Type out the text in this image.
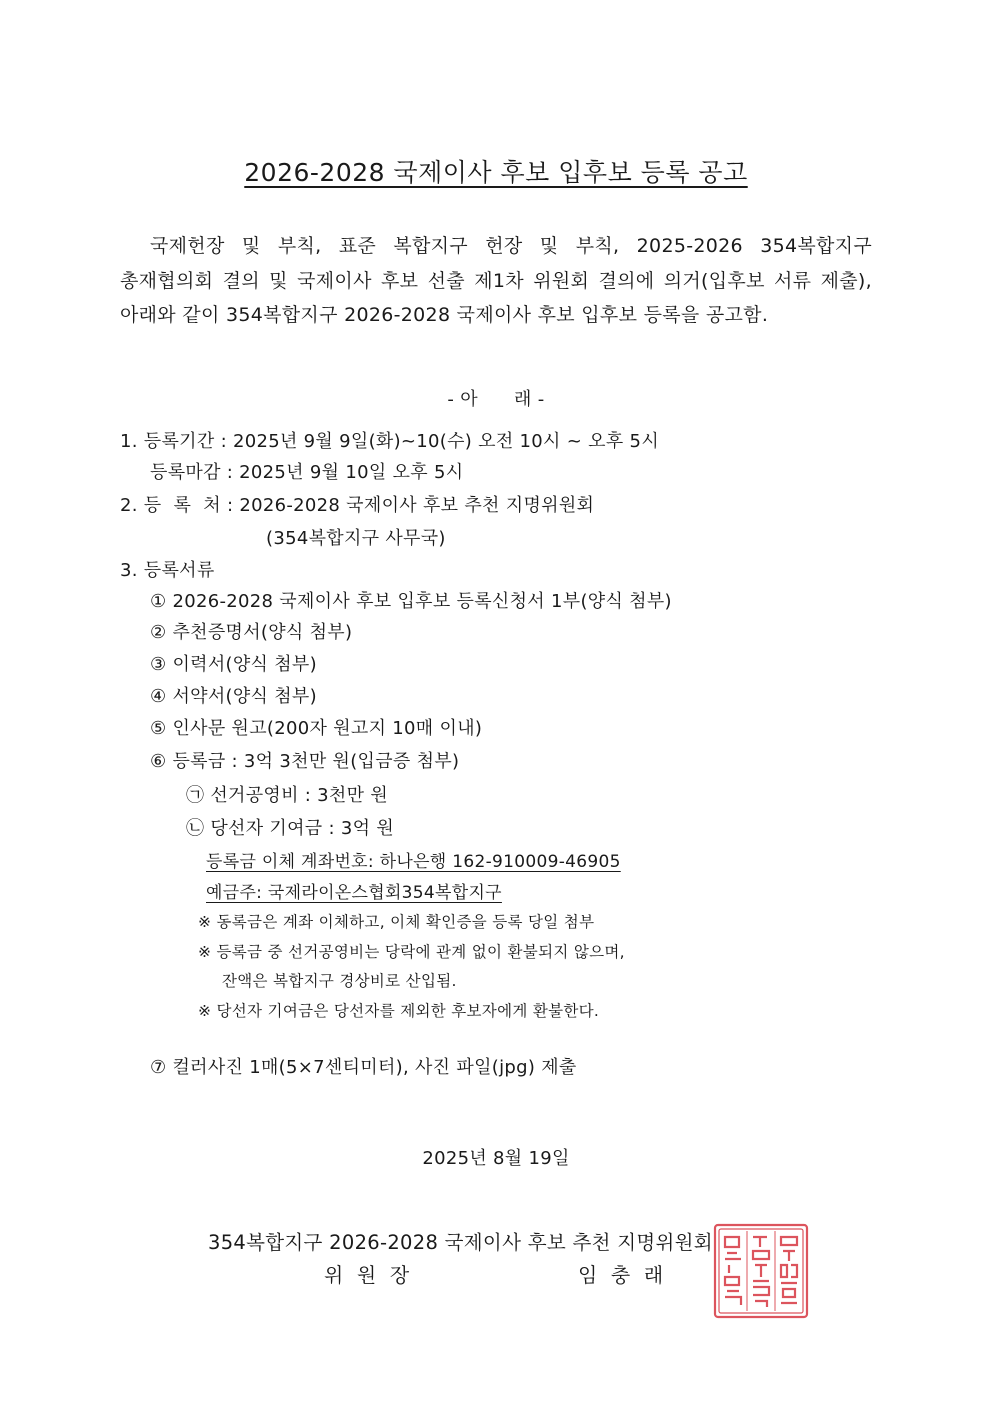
2026-2028 국제이사 후보 입후보 등록 공고
국제헌장 및 부칙, 표준 복합지구 헌장 및 부칙, 2025-2026 354복합지구 총재협의회 결의 및 국제이사 후보 선출 제1차 위원회 결의에 의거(입후보 서류 제출), 아래와 같이 354복합지구 2026-2028 국제이사 후보 입후보 등록을 공고함.
- 아      래 -
1. 등록기간 : 2025년 9월 9일(화)~10(수) 오전 10시 ~ 오후 5시
등록마감 : 2025년 9월 10일 오후 5시
2. 등  록  처 : 2026-2028 국제이사 후보 추천 지명위원회
(354복합지구 사무국)
3. 등록서류
① 2026-2028 국제이사 후보 입후보 등록신청서 1부(양식 첨부)
② 추천증명서(양식 첨부)
③ 이력서(양식 첨부)
④ 서약서(양식 첨부)
⑤ 인사문 원고(200자 원고지 10매 이내)
⑥ 등록금 : 3억 3천만 원(입금증 첨부)
㉠ 선거공영비 : 3천만 원
㉡ 당선자 기여금 : 3억 원
등록금 이체 계좌번호: 하나은행 162-910009-46905
예금주: 국제라이온스협회354복합지구
※ 동록금은 계좌 이체하고, 이체 확인증을 등록 당일 첨부
※ 등록금 중 선거공영비는 당락에 관계 없이 환불되지 않으며,
잔액은 복합지구 경상비로 산입됨.
※ 당선자 기여금은 당선자를 제외한 후보자에게 환불한다.
⑦ 컬러사진 1매(5×7센티미터), 사진 파일(jpg) 제출
2025년 8월 19일
354복합지구 2026-2028 국제이사 후보 추천 지명위원회
위  원  장	임  충  래
